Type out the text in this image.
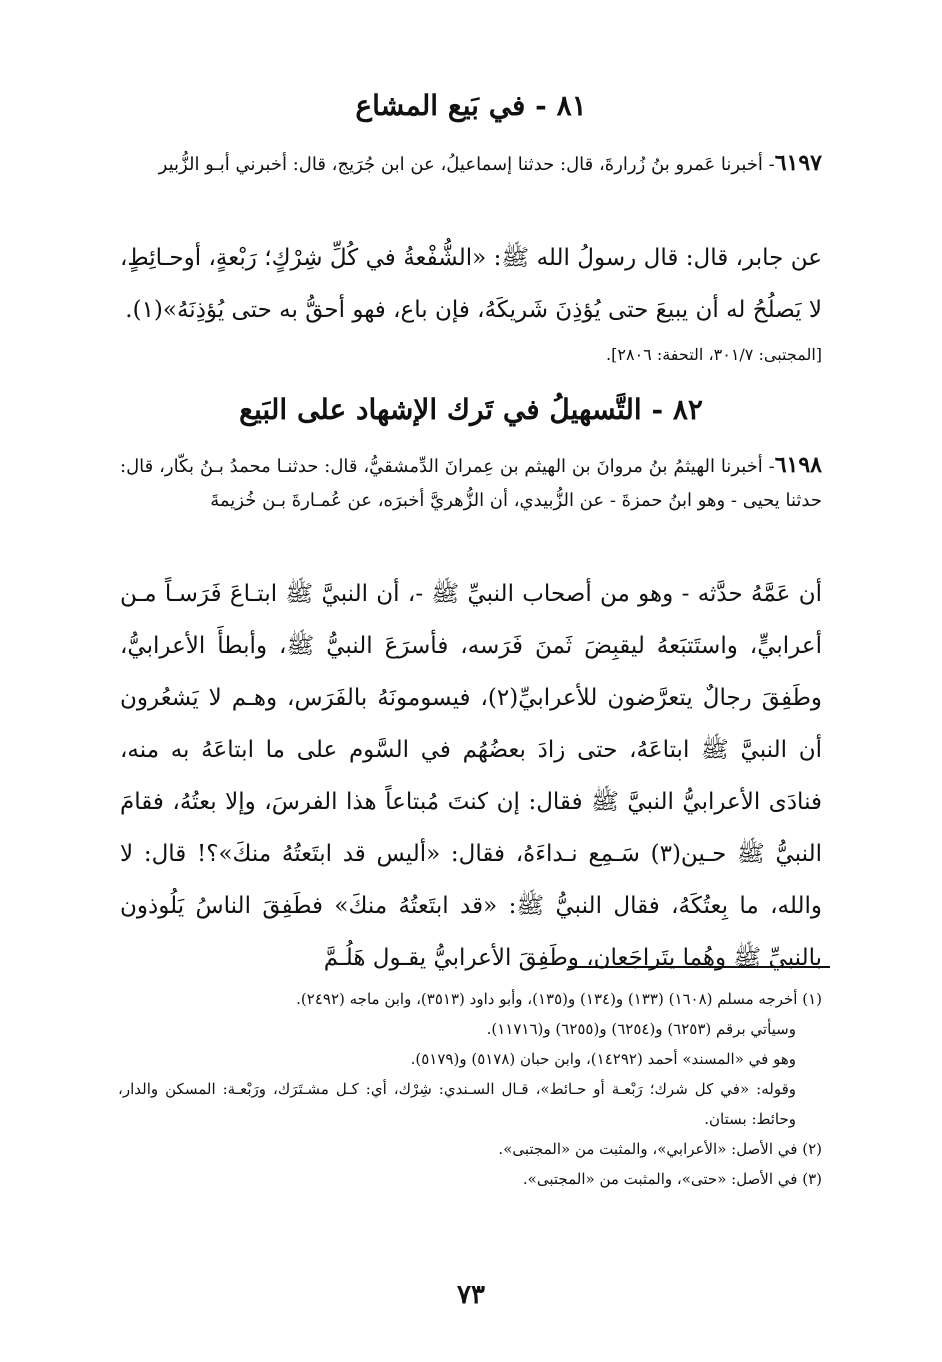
٨١ - في بَيع المشاع
٦١٩٧- أخبرنا عَمرو بنُ زُرارةَ، قال: حدثنا إسماعيلُ، عن ابن جُرَيج، قال: أخبرني أبـو الزُّبير
عن جابر، قال: قال رسولُ الله ﷺ: «الشُّفْعةُ في كُلِّ شِرْكٍ؛ رَبْعةٍ، أوحـائِطٍ، لا يَصلُحُ له أن يبيعَ حتى يُؤذِنَ شَريكَهُ، فإن باع، فهو أحقُّ به حتى يُؤذِنَهُ»(١).
[المجتبى: ٣٠١/٧، التحفة: ٢٨٠٦].
٨٢ - التَّسهيلُ في تَرك الإشهاد على البَيع
٦١٩٨- أخبرنا الهيثمُ بنُ مروانَ بن الهيثم بن عِمرانَ الدِّمشقيُّ، قال: حدثنـا محمدُ بـنُ بكّار، قال: حدثنا يحيى - وهو ابنُ حمزةَ - عن الزُّبيدي، أن الزُّهريَّ أخبرَه، عن عُمـارةَ بـن خُزيمةَ
أن عَمَّهُ حدَّثه - وهو من أصحاب النبيِّ ﷺ -، أن النبيَّ ﷺ ابتـاعَ فَرَسـاً مـن أعرابيٍّ، واستَتبَعهُ ليقبِضَ ثَمنَ فَرَسه، فأسرَعَ النبيُّ ﷺ، وأبطأَ الأعرابيُّ، وطَفِقَ رجالٌ يتعرَّضون للأعرابيِّ(٢)، فيسومونَهُ بالفَرَس، وهـم لا يَشعُرون أن النبيَّ ﷺ ابتاعَهُ، حتى زادَ بعضُهُم في السَّوم على ما ابتاعَهُ به منه، فنادَى الأعرابيُّ النبيَّ ﷺ فقال: إن كنتَ مُبتاعاً هذا الفرسَ، وإلا بعتُهُ، فقامَ النبيُّ ﷺ حـين(٣) سَـمِع نـداءَهُ، فقال: «أليس قد ابتَعتُهُ منكَ»؟! قال: لا والله، ما بِعتُكَهُ، فقال النبيُّ ﷺ: «قد ابتَعتُهُ منكَ» فطَفِقَ الناسُ يَلُوذون بالنبيِّ ﷺ وهُما يتَراجَعان، وطَفِقَ الأعرابيُّ يقـول هَلُـمَّ
(١) أخرجه مسلم (١٦٠٨) (١٣٣) و(١٣٤) و(١٣٥)، وأبو داود (٣٥١٣)، وابن ماجه (٢٤٩٢).
وسيأتي برقم (٦٢٥٣) و(٦٢٥٤) و(٦٢٥٥) و(١١٧١٦).
وهو في «المسند» أحمد (١٤٢٩٢)، وابن حبان (٥١٧٨) و(٥١٧٩).
وقوله: «في كل شرك؛ رَبْعـة أو حـائط»، قـال السـندي: شِرْك، أي: كـل مشـتَرَك، ورَبْعـة: المسكن والدار، وحائط: بستان.
(٢) في الأصل: «الأعرابي»، والمثبت من «المجتبى».
(٣) في الأصل: «حتى»، والمثبت من «المجتبى».
٧٣
